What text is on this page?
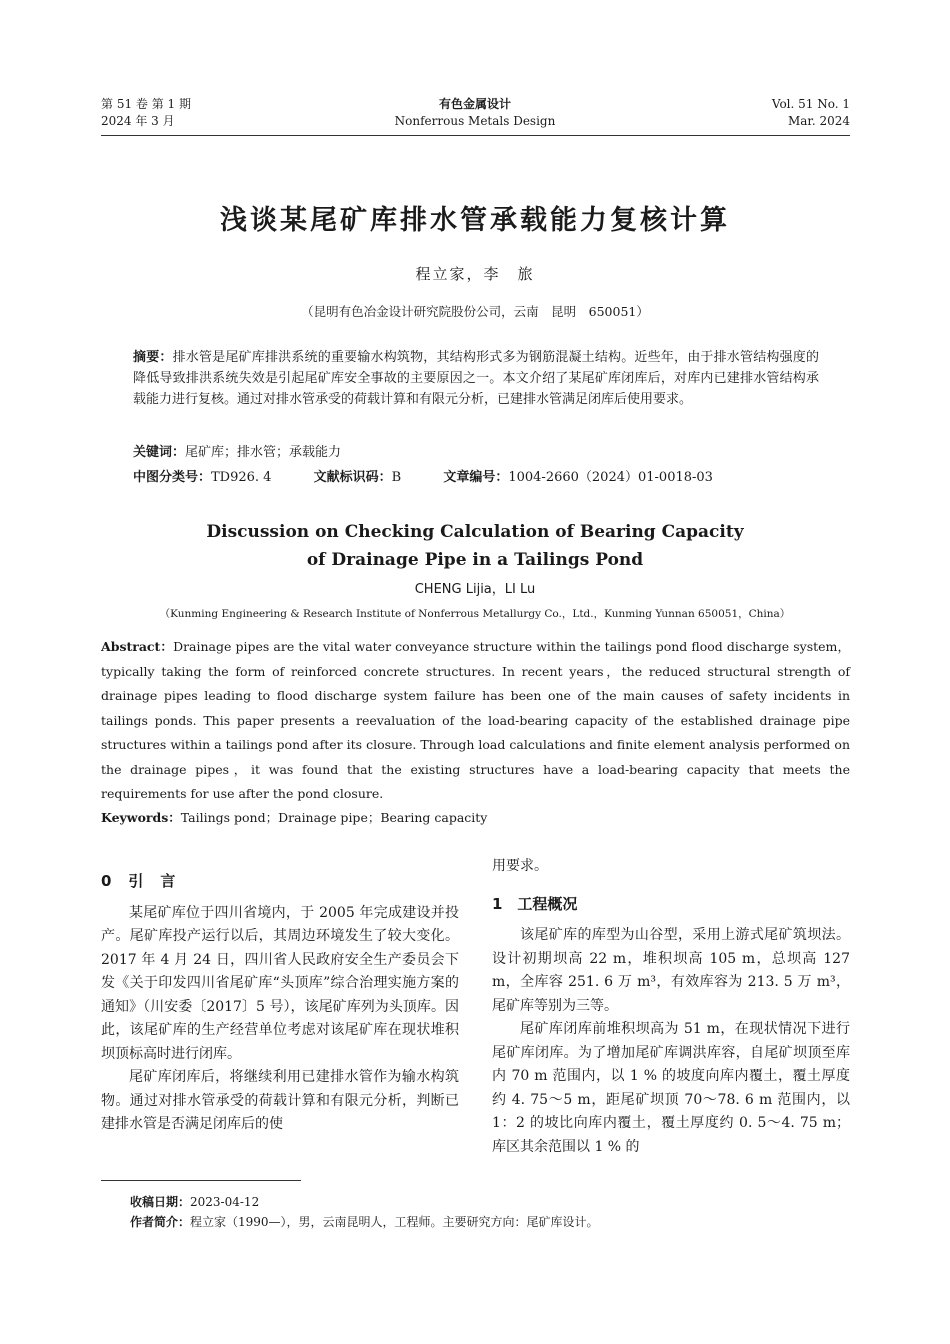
第 51 卷 第 1 期
2024 年 3 月
有色金属设计
Nonferrous Metals Design
Vol. 51 No. 1
Mar. 2024
浅谈某尾矿库排水管承载能力复核计算
程立家，李　旅
（昆明有色冶金设计研究院股份公司，云南　昆明　650051）
摘要：排水管是尾矿库排洪系统的重要输水构筑物，其结构形式多为钢筋混凝土结构。近些年，由于排水管结构强度的降低导致排洪系统失效是引起尾矿库安全事故的主要原因之一。本文介绍了某尾矿库闭库后，对库内已建排水管结构承载能力进行复核。通过对排水管承受的荷载计算和有限元分析，已建排水管满足闭库后使用要求。
关键词：尾矿库；排水管；承载能力
中图分类号：TD926. 4	文献标识码：B	文章编号：1004-2660（2024）01-0018-03
Discussion on Checking Calculation of Bearing Capacity
of Drainage Pipe in a Tailings Pond
CHENG Lijia，LI Lu
（Kunming Engineering & Research Institute of Nonferrous Metallurgy Co.，Ltd.，Kunming Yunnan 650051，China）
Abstract：Drainage pipes are the vital water conveyance structure within the tailings pond flood discharge system，typically taking the form of reinforced concrete structures. In recent years，the reduced structural strength of drainage pipes leading to flood discharge system failure has been one of the main causes of safety incidents in tailings ponds. This paper presents a reevaluation of the load-bearing capacity of the established drainage pipe structures within a tailings pond after its closure. Through load calculations and finite element analysis performed on the drainage pipes，it was found that the existing structures have a load-bearing capacity that meets the requirements for use after the pond closure.
Keywords：Tailings pond；Drainage pipe；Bearing capacity
0　引　言

某尾矿库位于四川省境内，于 2005 年完成建设并投产。尾矿库投产运行以后，其周边环境发生了较大变化。2017 年 4 月 24 日，四川省人民政府安全生产委员会下发《关于印发四川省尾矿库“头顶库”综合治理实施方案的通知》（川安委〔2017〕5 号），该尾矿库列为头顶库。因此，该尾矿库的生产经营单位考虑对该尾矿库在现状堆积坝顶标高时进行闭库。

尾矿库闭库后，将继续利用已建排水管作为输水构筑物。通过对排水管承受的荷载计算和有限元分析，判断已建排水管是否满足闭库后的使

用要求。
1　工程概况

该尾矿库的库型为山谷型，采用上游式尾矿筑坝法。设计初期坝高 22 m，堆积坝高 105 m，总坝高 127 m，全库容 251. 6 万 m³，有效库容为 213. 5 万 m³，尾矿库等别为三等。

尾矿库闭库前堆积坝高为 51 m，在现状情况下进行尾矿库闭库。为了增加尾矿库调洪库容，自尾矿坝顶至库内 70 m 范围内，以 1 % 的坡度向库内覆土，覆土厚度约 4. 75～5 m，距尾矿坝顶 70～78. 6 m 范围内，以 1：2 的坡比向库内覆土，覆土厚度约 0. 5～4. 75 m；库区其余范围以 1 % 的

收稿日期：2023-04-12
作者简介：程立家（1990—），男，云南昆明人，工程师。主要研究方向：尾矿库设计。
